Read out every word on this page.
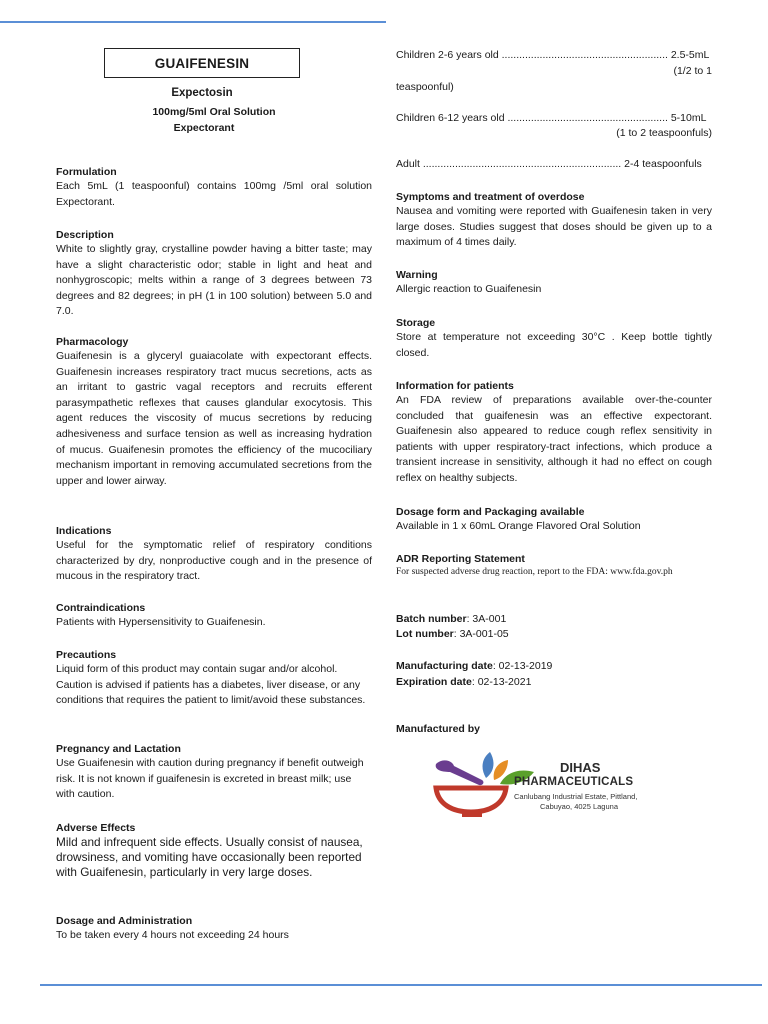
GUAIFENESIN
Expectosin
100mg/5ml Oral Solution
Expectorant
Formulation
Each 5mL (1 teaspoonful) contains 100mg /5ml oral solution Expectorant.
Description
White to slightly gray, crystalline powder having a bitter taste; may have a slight characteristic odor; stable in light and heat and nonhygroscopic; melts within a range of 3 degrees between 73 degrees and 82 degrees; in pH (1 in 100 solution) between 5.0 and 7.0.
Pharmacology
Guaifenesin is a glyceryl guaiacolate with expectorant effects. Guaifenesin increases respiratory tract mucus secretions, acts as an irritant to gastric vagal receptors and recruits efferent parasympathetic reflexes that causes glandular exocytosis. This agent reduces the viscosity of mucus secretions by reducing adhesiveness and surface tension as well as increasing hydration of mucus. Guaifenesin promotes the efficiency of the mucociliary mechanism important in removing accumulated secretions from the upper and lower airway.
Indications
Useful for the symptomatic relief of respiratory conditions characterized by dry, nonproductive cough and in the presence of mucous in the respiratory tract.
Contraindications
Patients with Hypersensitivity to Guaifenesin.
Precautions
Liquid form of this product may contain sugar and/or alcohol. Caution is advised if patients has a diabetes, liver disease, or any conditions that requires the patient to limit/avoid these substances.
Pregnancy and Lactation
Use Guaifenesin with caution during pregnancy if benefit outweigh risk. It is not known if guaifenesin is excreted in breast milk; use with caution.
Adverse Effects
Mild and infrequent side effects. Usually consist of nausea, drowsiness, and vomiting have occasionally been reported with Guaifenesin, particularly in very large doses.
Dosage and Administration
To be taken every 4 hours not exceeding 24 hours
Children 2-6 years old ......................................................... 2.5-5mL
(1/2 to 1
teaspoonful)
Children 6-12 years old ....................................................... 5-10mL
(1 to 2 teaspoonfuls)
Adult .................................................................... 2-4 teaspoonfuls
Symptoms and treatment of overdose
Nausea and vomiting were reported with Guaifenesin taken in very large doses. Studies suggest that doses should be given up to a maximum of 4 times daily.
Warning
Allergic reaction to Guaifenesin
Storage
Store at temperature not exceeding 30°C . Keep bottle tightly closed.
Information for patients
An FDA review of preparations available over-the-counter concluded that guaifenesin was an effective expectorant. Guaifenesin also appeared to reduce cough reflex sensitivity in patients with upper respiratory-tract infections, which produce a transient increase in sensitivity, although it had no effect on cough reflex on healthy subjects.
Dosage form and Packaging available
Available in 1 x 60mL Orange Flavored Oral Solution
ADR Reporting Statement
For suspected adverse drug reaction, report to the FDA: www.fda.gov.ph
Batch number: 3A-001
Lot number: 3A-001-05
Manufacturing date: 02-13-2019
Expiration date: 02-13-2021
Manufactured by
DIHAS
PHARMACEUTICALS
Canlubang Industrial Estate, Pittland,
Cabuyao, 4025 Laguna
